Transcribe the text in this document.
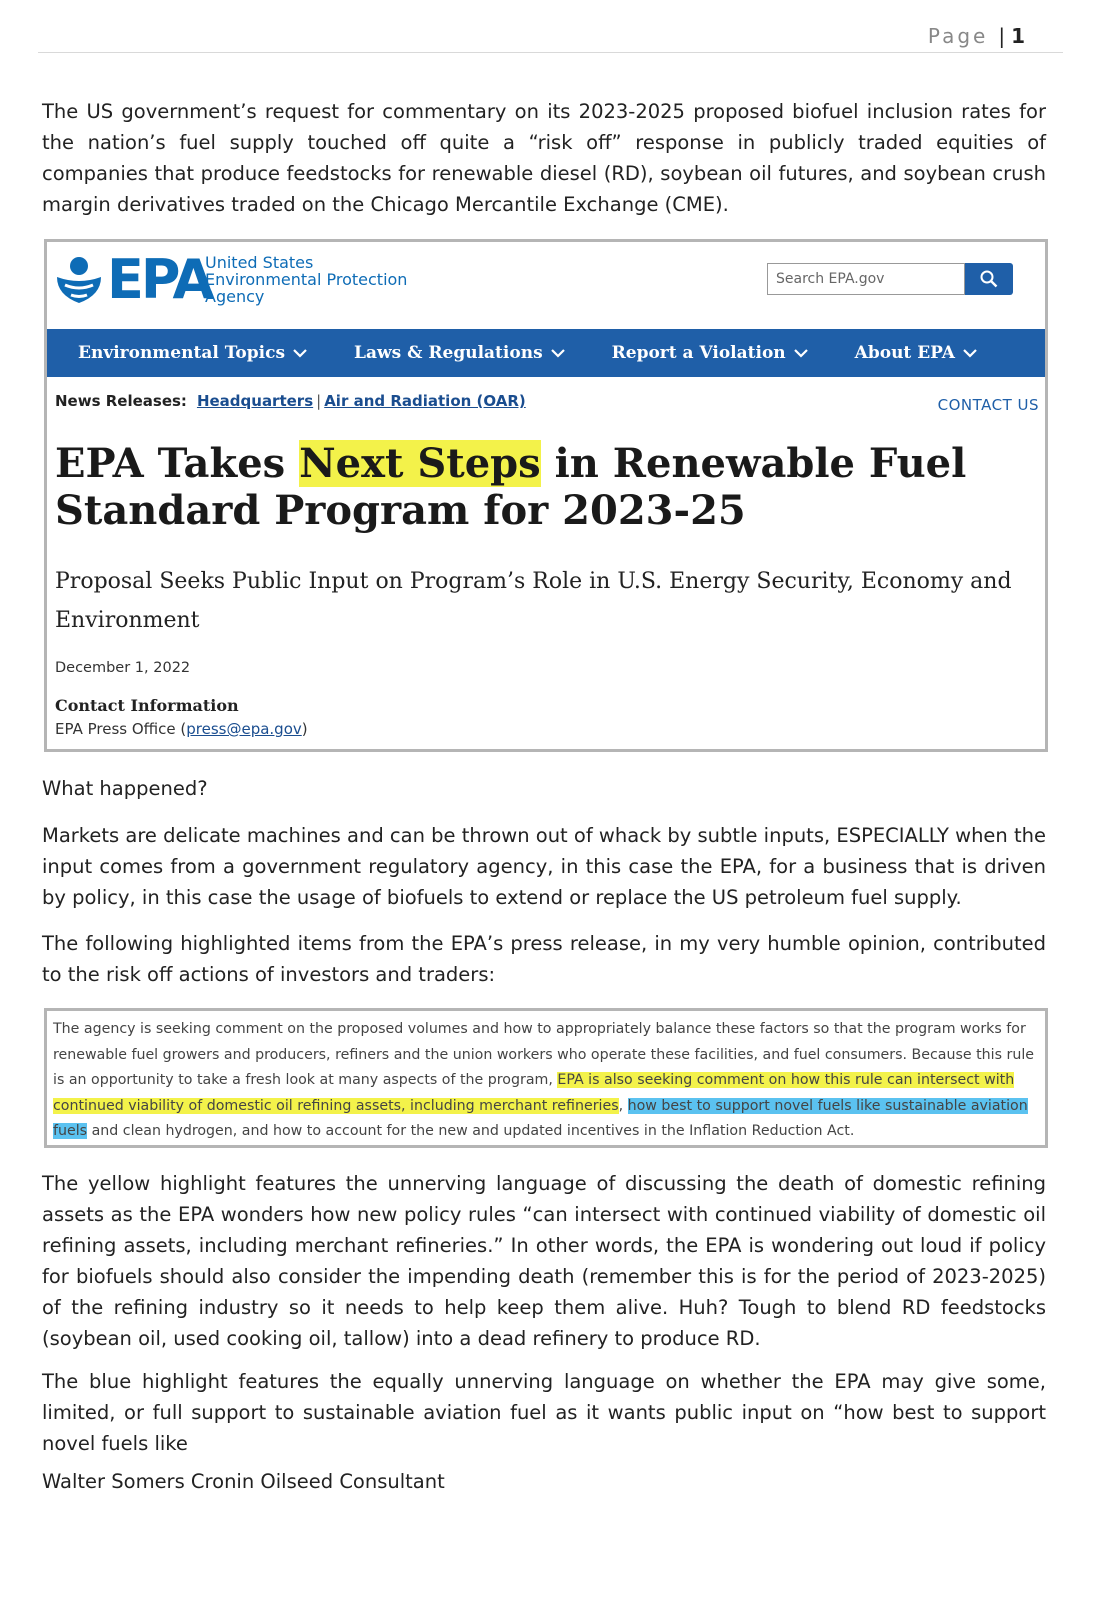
Page | 1

The US government’s request for commentary on its 2023-2025 proposed biofuel inclusion rates for the nation’s fuel supply touched off quite a “risk off” response in publicly traded equities of companies that produce feedstocks for renewable diesel (RD), soybean oil futures, and soybean crush margin derivatives traded on the Chicago Mercantile Exchange (CME).

EPA
United States
Environmental Protection
Agency
Search EPA.gov
Environmental Topics	Laws & Regulations	Report a Violation	About EPA
News Releases: Headquarters | Air and Radiation (OAR)	CONTACT US
EPA Takes Next Steps in Renewable Fuel Standard Program for 2023-25
Proposal Seeks Public Input on Program’s Role in U.S. Energy Security, Economy and Environment
December 1, 2022
Contact Information
EPA Press Office (press@epa.gov)

What happened?

Markets are delicate machines and can be thrown out of whack by subtle inputs, ESPECIALLY when the input comes from a government regulatory agency, in this case the EPA, for a business that is driven by policy, in this case the usage of biofuels to extend or replace the US petroleum fuel supply.

The following highlighted items from the EPA’s press release, in my very humble opinion, contributed to the risk off actions of investors and traders:

The agency is seeking comment on the proposed volumes and how to appropriately balance these factors so that the program works for renewable fuel growers and producers, refiners and the union workers who operate these facilities, and fuel consumers. Because this rule is an opportunity to take a fresh look at many aspects of the program, EPA is also seeking comment on how this rule can intersect with continued viability of domestic oil refining assets, including merchant refineries, how best to support novel fuels like sustainable aviation fuels and clean hydrogen, and how to account for the new and updated incentives in the Inflation Reduction Act.

The yellow highlight features the unnerving language of discussing the death of domestic refining assets as the EPA wonders how new policy rules “can intersect with continued viability of domestic oil refining assets, including merchant refineries.” In other words, the EPA is wondering out loud if policy for biofuels should also consider the impending death (remember this is for the period of 2023-2025) of the refining industry so it needs to help keep them alive. Huh? Tough to blend RD feedstocks (soybean oil, used cooking oil, tallow) into a dead refinery to produce RD.

The blue highlight features the equally unnerving language on whether the EPA may give some, limited, or full support to sustainable aviation fuel as it wants public input on “how best to support novel fuels like

Walter Somers Cronin Oilseed Consultant
